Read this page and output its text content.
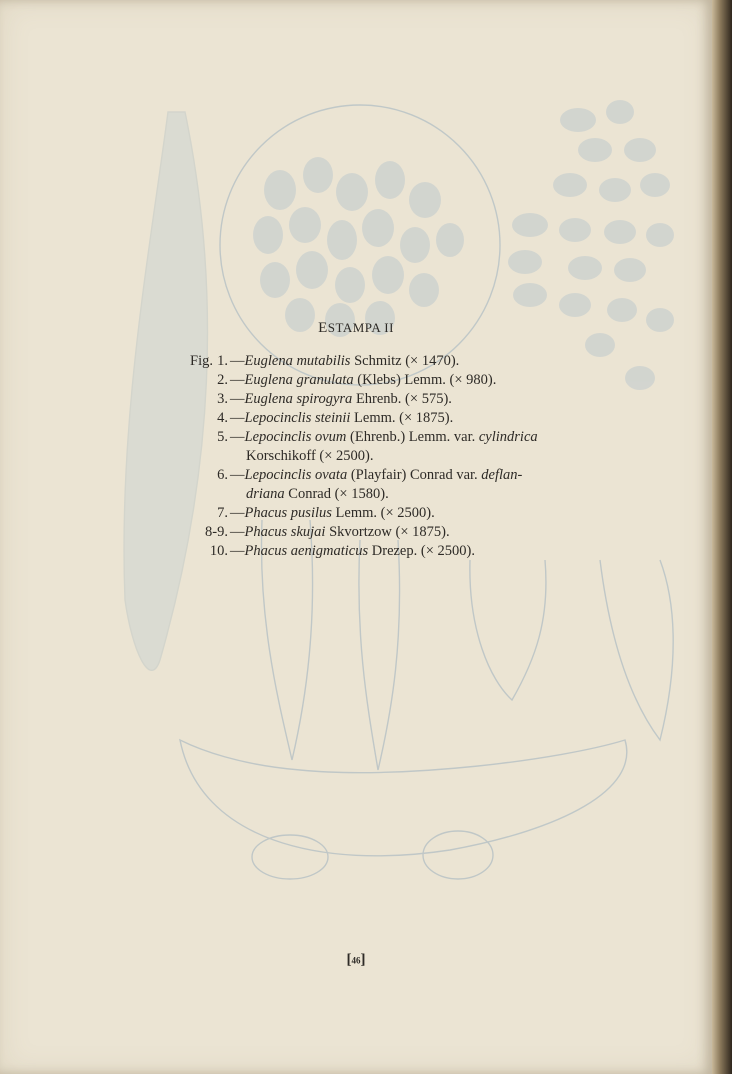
ESTAMPA II
Fig. 1. —Euglena mutabilis Schmitz (× 1470).
2. —Euglena granulata (Klebs) Lemm. (× 980).
3. —Euglena spirogyra Ehrenb. (× 575).
4. —Lepocinclis steinii Lemm. (× 1875).
5. —Lepocinclis ovum (Ehrenb.) Lemm. var. cylindrica
Korschikoff (× 2500).
6. —Lepocinclis ovata (Playfair) Conrad var. deflan-
driana Conrad (× 1580).
7. —Phacus pusilus Lemm. (× 2500).
8-9. —Phacus skujai Skvortzow (× 1875).
10. —Phacus aenigmaticus Drezep. (× 2500).
[46]
